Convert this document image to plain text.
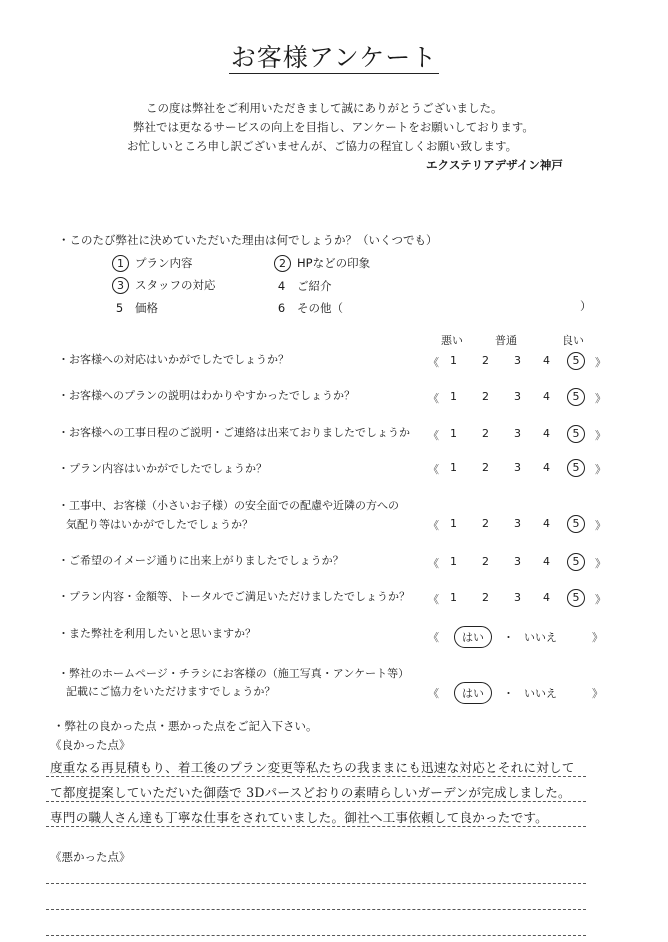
お客様アンケート
この度は弊社をご利用いただきまして誠にありがとうございました。
弊社では更なるサービスの向上を目指し、アンケートをお願いしております。
お忙しいところ申し訳ございませんが、ご協力の程宜しくお願い致します。
エクステリアデザイン神戸
・このたび弊社に決めていただいた理由は何でしょうか？（いくつでも）
1 プラン内容	2 HPなどの印象
3 スタッフの対応	4 ご紹介
5 価格	6 その他（	）
悪い	普通	良い
・お客様への対応はいかがでしたでしょうか？	《 1 2 3 4	5	》
・お客様へのプランの説明はわかりやすかったでしょうか？	《 1 2 3 4	5	》
・お客様への工事日程のご説明・ご連絡は出来ておりましたでしょうか 《 1 2 3 4	5	》
・プラン内容はいかがでしたでしょうか？	《 1 2 3 4	5	》
・工事中、お客様（小さいお子様）の安全面での配慮や近隣の方への
気配り等はいかがでしたでしょうか？	《 1 2 3 4	5	》
・ご希望のイメージ通りに出来上がりましたでしょうか？	《 1 2 3 4	5	》
・プラン内容・金額等、トータルでご満足いただけましたでしょうか？ 《 1 2 3 4	5	》
・また弊社を利用したいと思いますか？	《	はい	・ いいえ	》
・弊社のホームページ・チラシにお客様の（施工写真・アンケート等）
記載にご協力をいただけますでしょうか？	《	はい	・ いいえ	》
・弊社の良かった点・悪かった点をご記入下さい。
《良かった点》
度重なる再見積もり、着工後のプラン変更等私たちの我ままにも迅速な対応とそれに対して
て都度提案していただいた御蔭で 3Dパースどおりの素晴らしいガーデンが完成しました。
専門の職人さん達も丁寧な仕事をされていました。御社へ工事依頼して良かったです。
《悪かった点》
